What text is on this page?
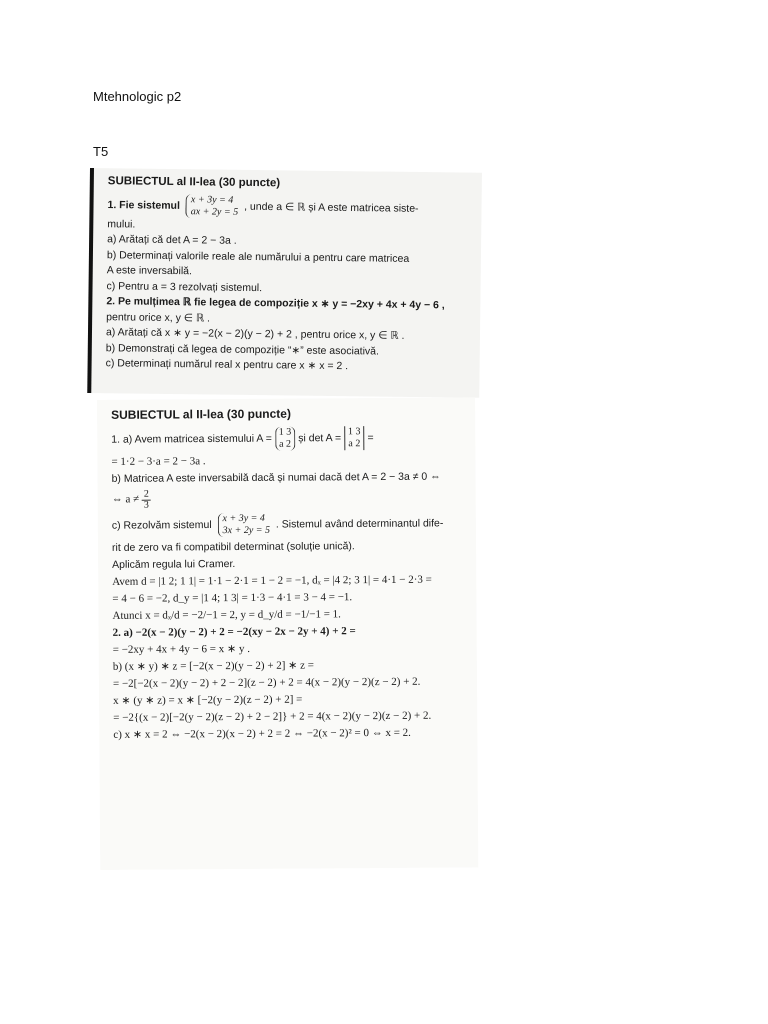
Mtehnologic p2
T5
SUBIECTUL al II-lea (30 puncte)
1. Fie sistemul x + 3y = 4
ax + 2y = 5 , unde a ∈ ℝ și A este matricea siste-
mului.
a) Arătați că det A = 2 − 3a .
b) Determinați valorile reale ale numărului a pentru care matricea
A este inversabilă.
c) Pentru a = 3 rezolvați sistemul.
2. Pe mulțimea ℝ fie legea de compoziție x ∗ y = −2xy + 4x + 4y − 6 ,
pentru orice x, y ∈ ℝ .
a) Arătați că x ∗ y = −2(x − 2)(y − 2) + 2 , pentru orice x, y ∈ ℝ .
b) Demonstrați că legea de compoziție “∗” este asociativă.
c) Determinați numărul real x pentru care x ∗ x = 2 .
SUBIECTUL al II-lea (30 puncte)
1. a) Avem matricea sistemului A = 1 3
a 2 și det A = 1 3
a 2 =
= 1·2 − 3·a = 2 − 3a .
b) Matricea A este inversabilă dacă și numai dacă det A = 2 − 3a ≠ 0 ⇔
⇔ $a \ne \frac{2}{3}$
c) Rezolvăm sistemul x + 3y = 4
3x + 2y = 5 . Sistemul având determinantul dife-
rit de zero va fi compatibil determinat (soluție unică).
Aplicăm regula lui Cramer.
Avem d = |1 2; 1 1| = 1·1 − 2·1 = 1 − 2 = −1, dₓ = |4 2; 3 1| = 4·1 − 2·3 =
= 4 − 6 = −2, d_y = |1 4; 1 3| = 1·3 − 4·1 = 3 − 4 = −1.
Atunci x = dₓ/d = −2/−1 = 2, y = d_y/d = −1/−1 = 1.
2. a) −2(x − 2)(y − 2) + 2 = −2(xy − 2x − 2y + 4) + 2 =
= −2xy + 4x + 4y − 6 = x ∗ y .
b) (x ∗ y) ∗ z = [−2(x − 2)(y − 2) + 2] ∗ z =
= −2[−2(x − 2)(y − 2) + 2 − 2](z − 2) + 2 = 4(x − 2)(y − 2)(z − 2) + 2.
x ∗ (y ∗ z) = x ∗ [−2(y − 2)(z − 2) + 2] =
= −2{(x − 2)[−2(y − 2)(z − 2) + 2 − 2]} + 2 = 4(x − 2)(y − 2)(z − 2) + 2.
c) x ∗ x = 2 ⇔ −2(x − 2)(x − 2) + 2 = 2 ⇔ −2(x − 2)² = 0 ⇔ x = 2.
